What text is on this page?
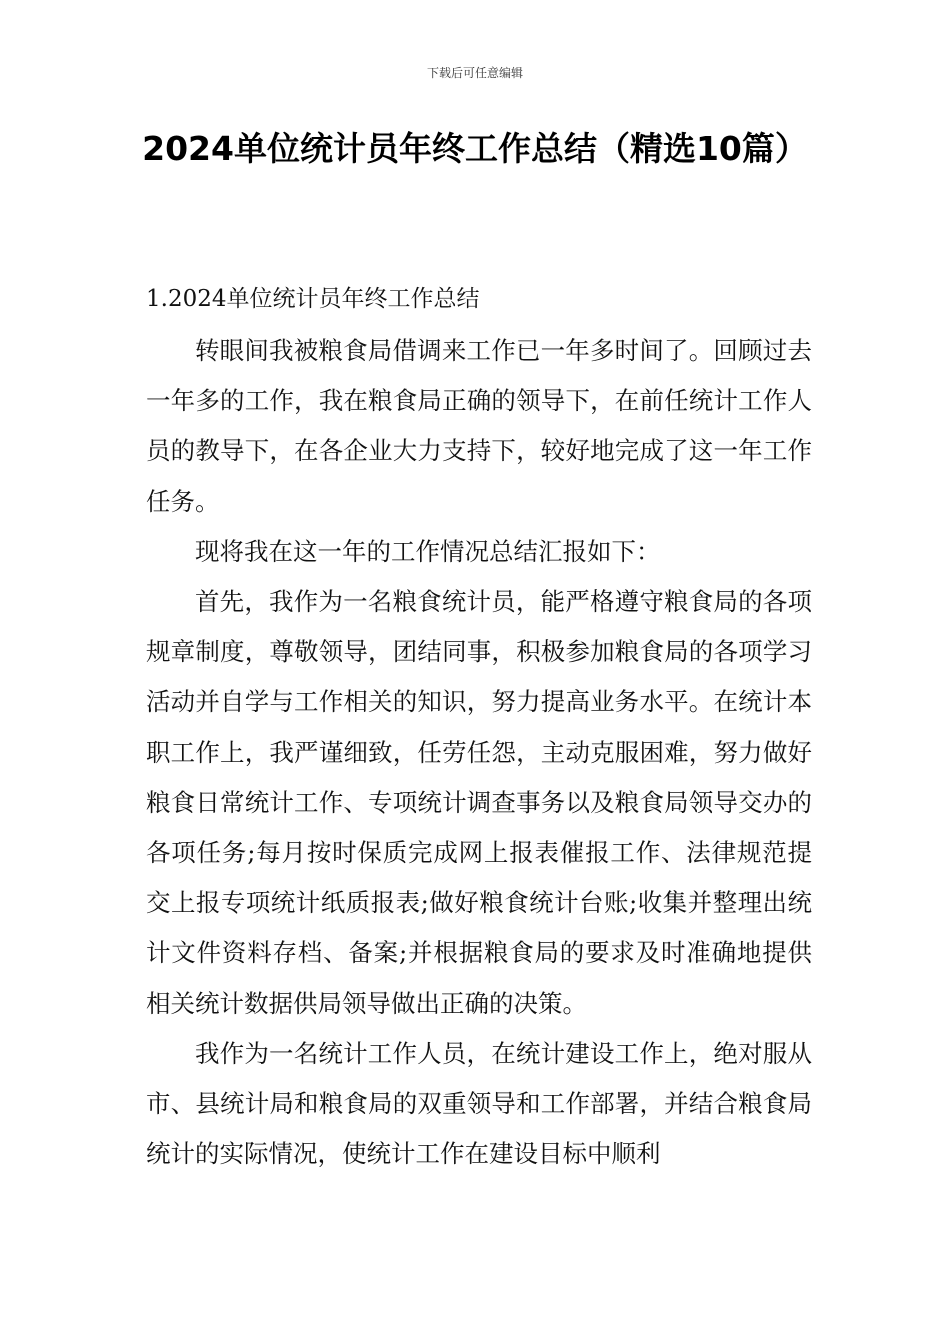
下载后可任意编辑
2024单位统计员年终工作总结（精选10篇）
1.2024单位统计员年终工作总结

转眼间我被粮食局借调来工作已一年多时间了。回顾过去一年多的工作，我在粮食局正确的领导下，在前任统计工作人员的教导下，在各企业大力支持下，较好地完成了这一年工作任务。

现将我在这一年的工作情况总结汇报如下：

首先，我作为一名粮食统计员，能严格遵守粮食局的各项规章制度，尊敬领导，团结同事，积极参加粮食局的各项学习活动并自学与工作相关的知识，努力提高业务水平。在统计本职工作上，我严谨细致，任劳任怨，主动克服困难，努力做好粮食日常统计工作、专项统计调查事务以及粮食局领导交办的各项任务;每月按时保质完成网上报表催报工作、法律规范提交上报专项统计纸质报表;做好粮食统计台账;收集并整理出统计文件资料存档、备案;并根据粮食局的要求及时准确地提供相关统计数据供局领导做出正确的决策。

我作为一名统计工作人员，在统计建设工作上，绝对服从市、县统计局和粮食局的双重领导和工作部署，并结合粮食局统计的实际情况，使统计工作在建设目标中顺利
